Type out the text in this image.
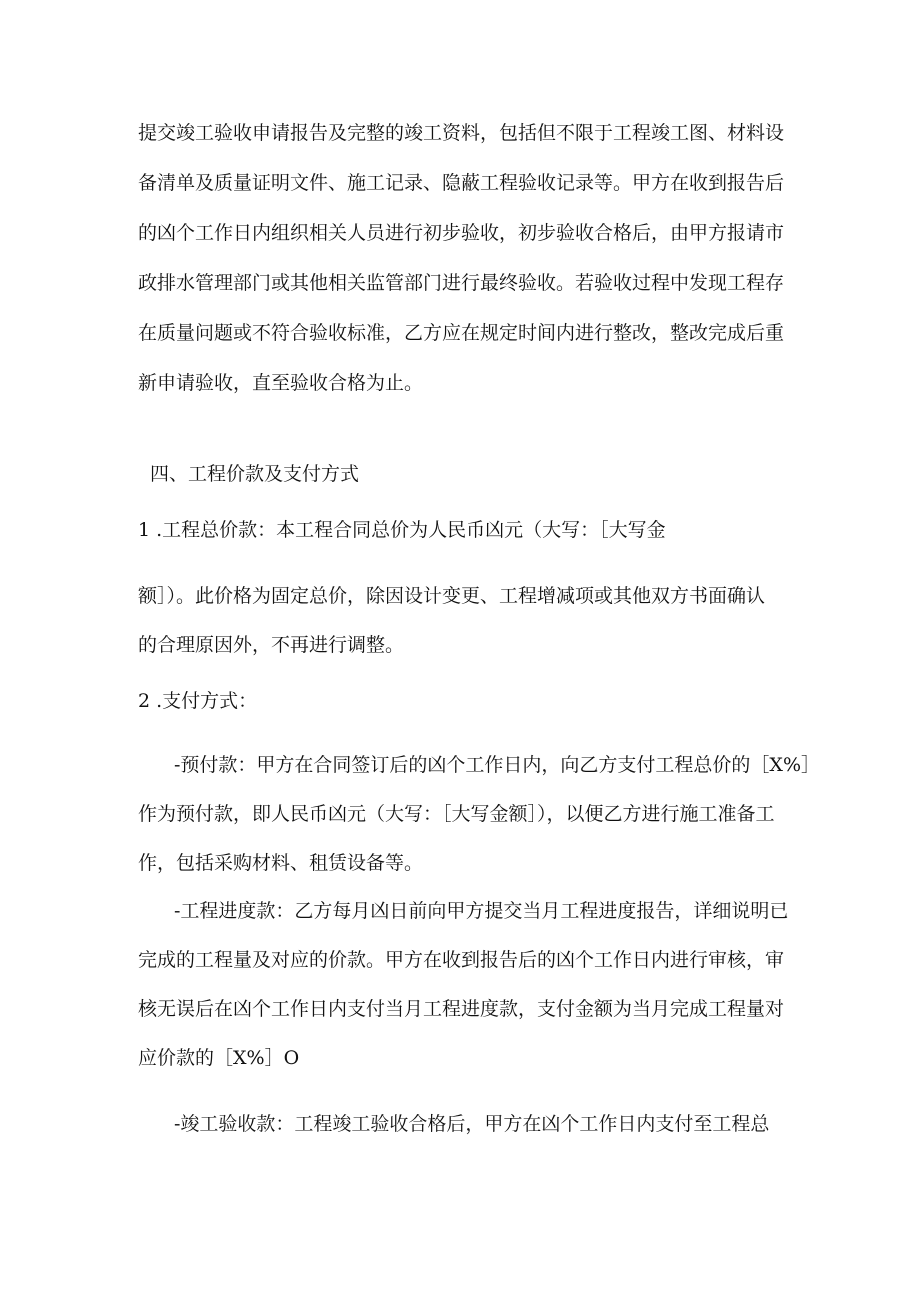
提交竣工验收申请报告及完整的竣工资料，包括但不限于工程竣工图、材料设
备清单及质量证明文件、施工记录、隐蔽工程验收记录等。甲方在收到报告后
的凶个工作日内组织相关人员进行初步验收，初步验收合格后，由甲方报请市
政排水管理部门或其他相关监管部门进行最终验收。若验收过程中发现工程存
在质量问题或不符合验收标准，乙方应在规定时间内进行整改，整改完成后重
新申请验收，直至验收合格为止。
四、工程价款及支付方式
1 .工程总价款：本工程合同总价为人民币凶元（大写：［大写金
额］）。此价格为固定总价，除因设计变更、工程增减项或其他双方书面确认
的合理原因外，不再进行调整。
2 .支付方式：
-预付款：甲方在合同签订后的凶个工作日内，向乙方支付工程总价的［X%］
作为预付款，即人民币凶元（大写：［大写金额］），以便乙方进行施工准备工
作，包括采购材料、租赁设备等。
-工程进度款：乙方每月凶日前向甲方提交当月工程进度报告，详细说明已
完成的工程量及对应的价款。甲方在收到报告后的凶个工作日内进行审核，审
核无误后在凶个工作日内支付当月工程进度款，支付金额为当月完成工程量对
应价款的［X%］O
-竣工验收款：工程竣工验收合格后，甲方在凶个工作日内支付至工程总
